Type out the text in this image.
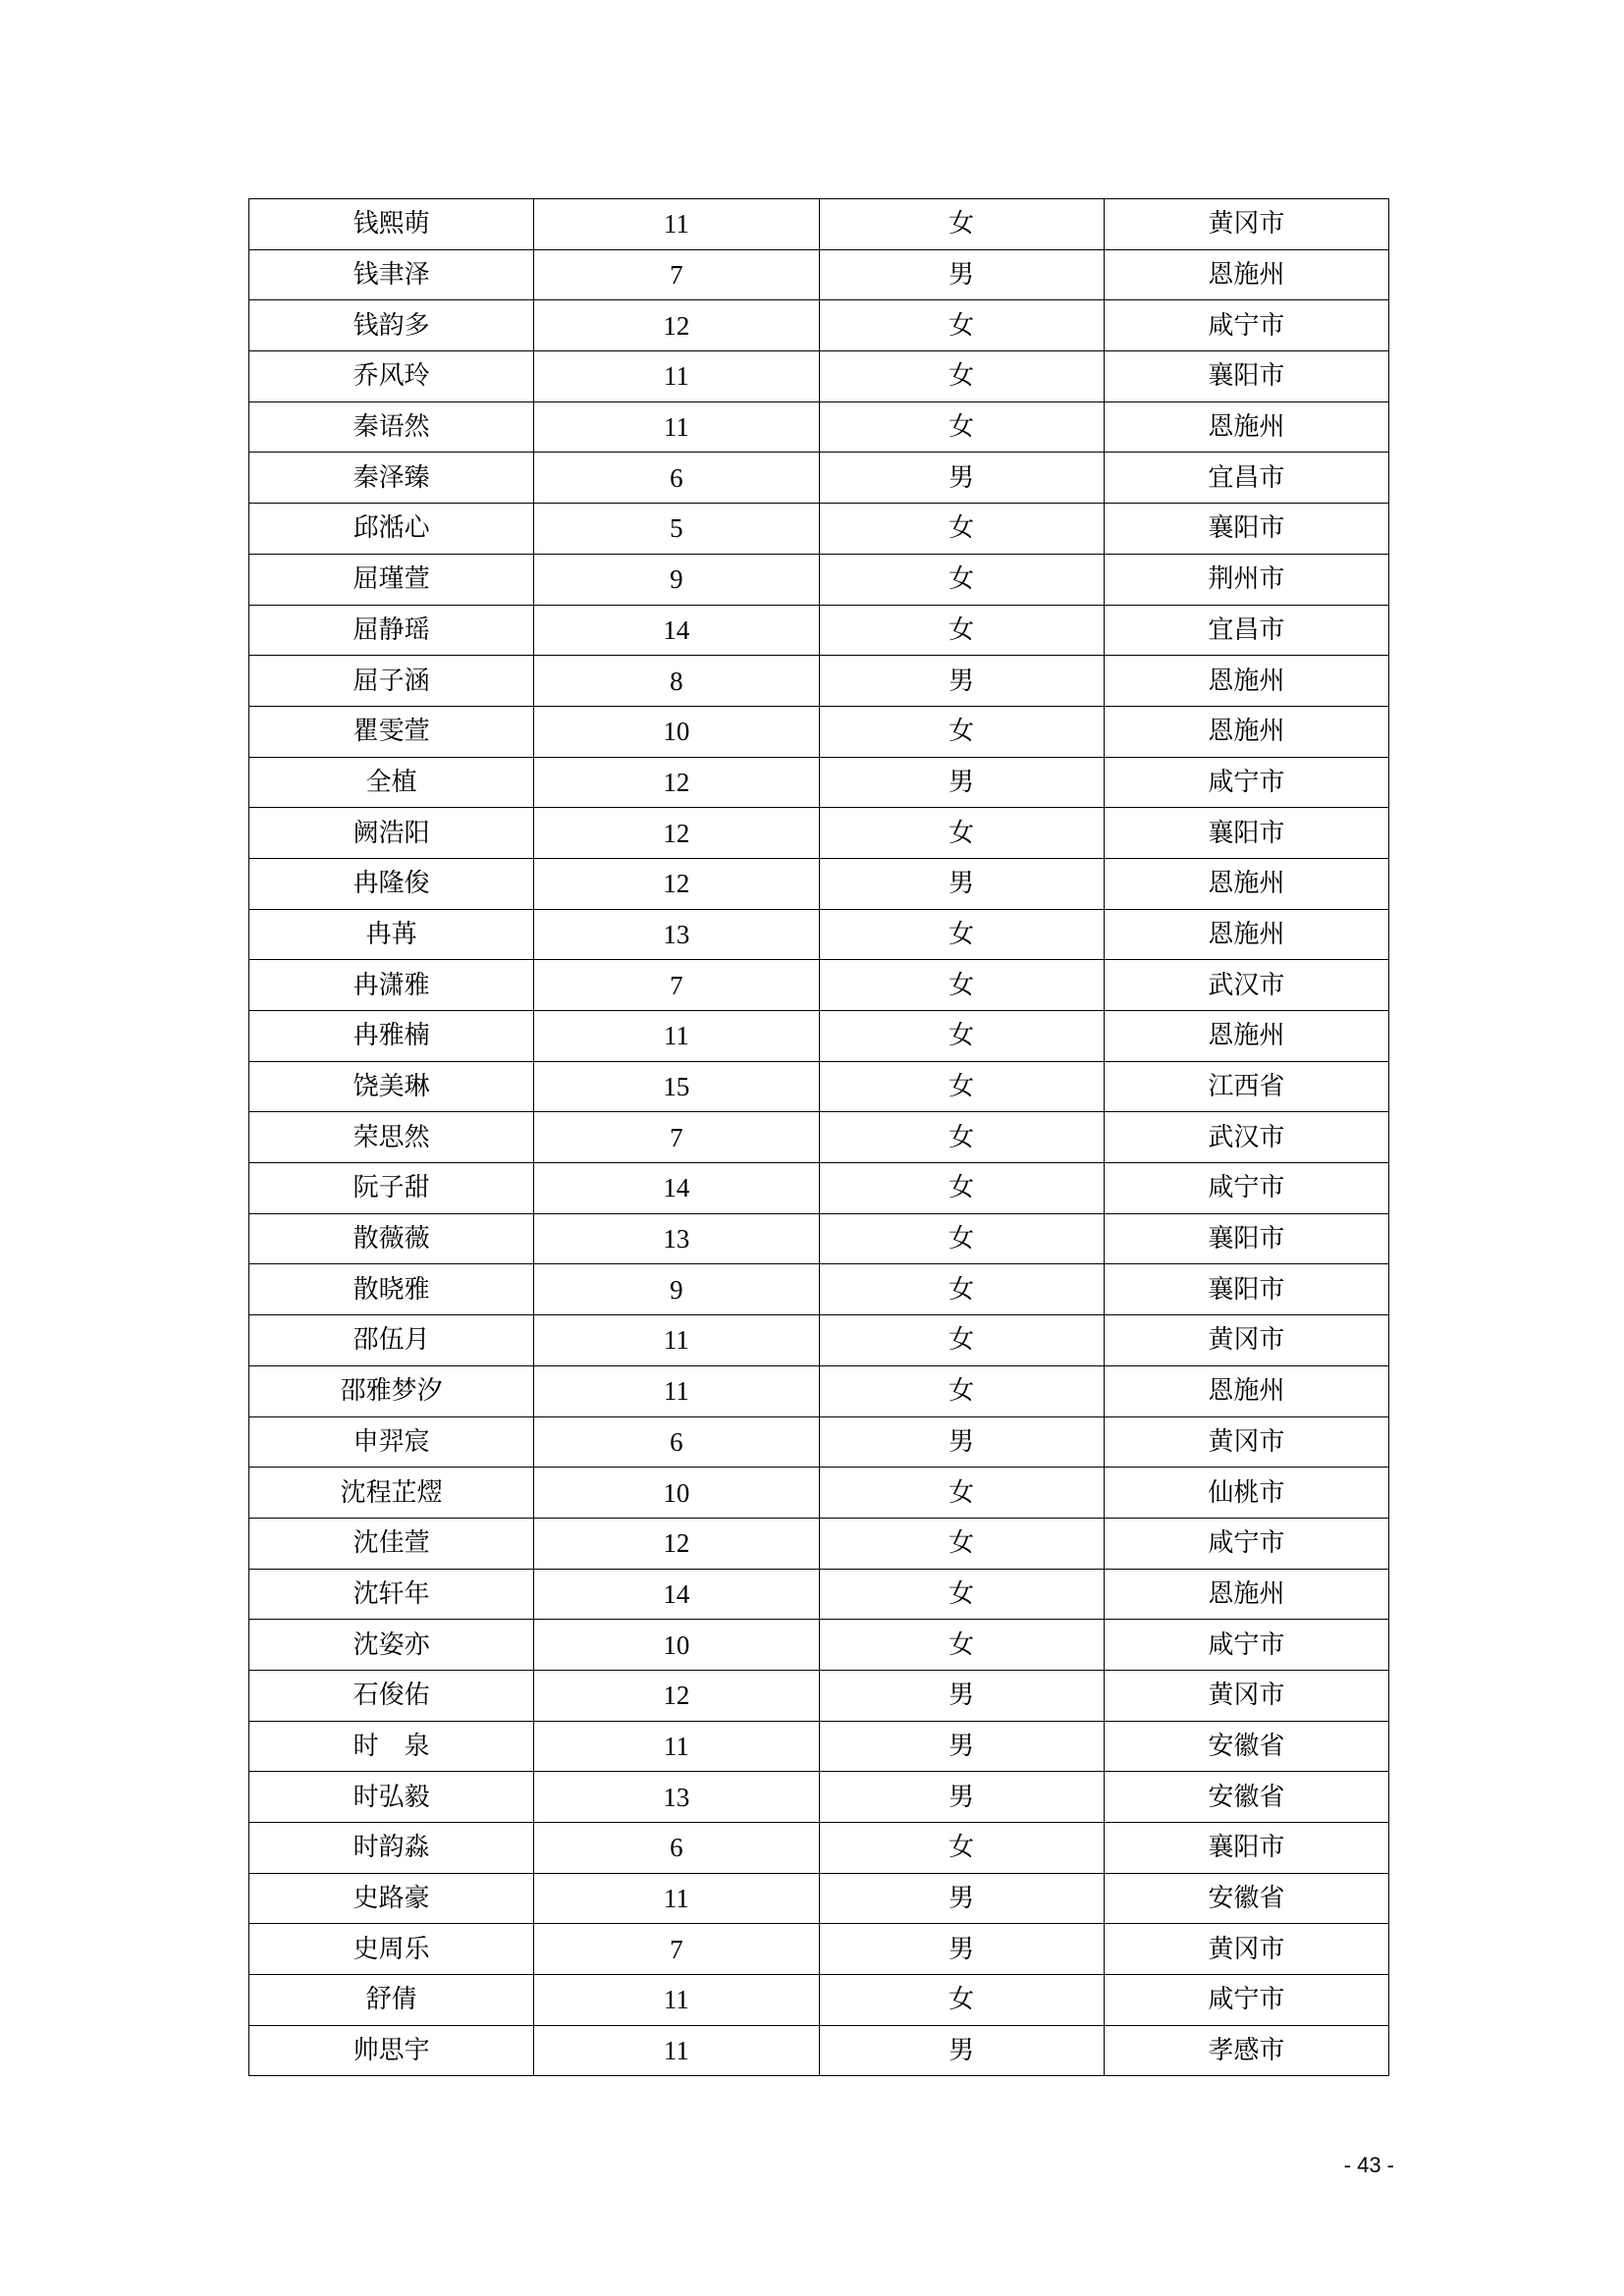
钱熙萌	11	女	黄冈市
钱聿泽	7	男	恩施州
钱韵多	12	女	咸宁市
乔风玲	11	女	襄阳市
秦语然	11	女	恩施州
秦泽臻	6	男	宜昌市
邱湉心	5	女	襄阳市
屈瑾萱	9	女	荆州市
屈静瑶	14	女	宜昌市
屈子涵	8	男	恩施州
瞿雯萱	10	女	恩施州
全植	12	男	咸宁市
阙浩阳	12	女	襄阳市
冉隆俊	12	男	恩施州
冉苒	13	女	恩施州
冉潇雅	7	女	武汉市
冉雅楠	11	女	恩施州
饶美琳	15	女	江西省
荣思然	7	女	武汉市
阮子甜	14	女	咸宁市
散薇薇	13	女	襄阳市
散晓雅	9	女	襄阳市
邵伍月	11	女	黄冈市
邵雅梦汐	11	女	恩施州
申羿宸	6	男	黄冈市
沈程芷熤	10	女	仙桃市
沈佳萱	12	女	咸宁市
沈轩年	14	女	恩施州
沈姿亦	10	女	咸宁市
石俊佑	12	男	黄冈市
时　泉	11	男	安徽省
时弘毅	13	男	安徽省
时韵淼	6	女	襄阳市
史路豪	11	男	安徽省
史周乐	7	男	黄冈市
舒倩	11	女	咸宁市
帅思宇	11	男	孝感市
- 43 -
